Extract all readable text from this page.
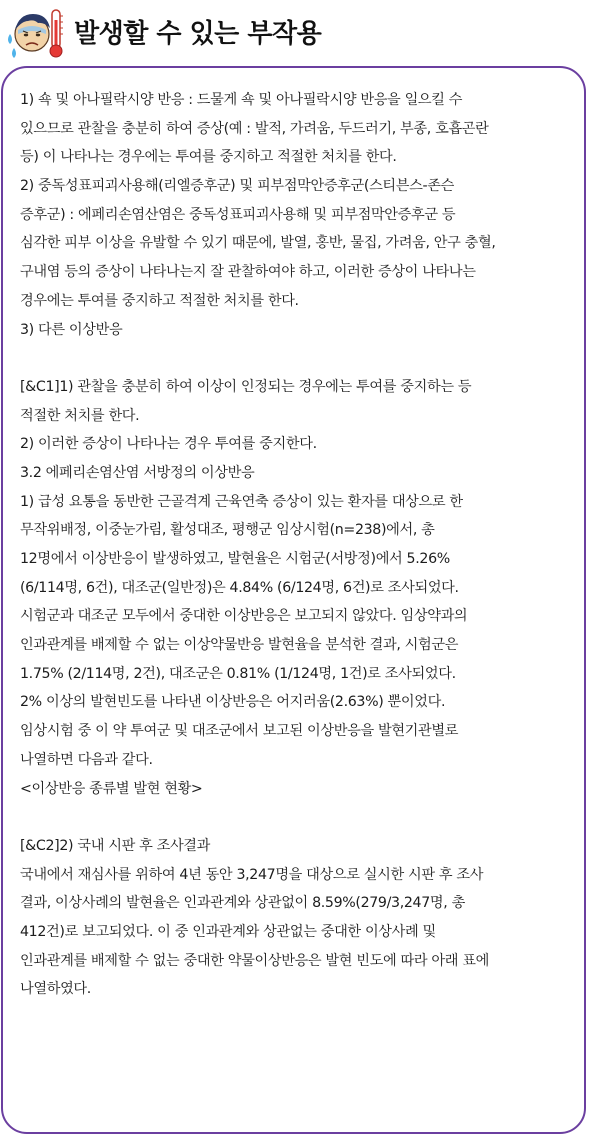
발생할 수 있는 부작용
1) 쇽 및 아나필락시양 반응 : 드물게 쇽 및 아나필락시양 반응을 일으킬 수
있으므로 관찰을 충분히 하여 증상(예 : 발적, 가려움, 두드러기, 부종, 호흡곤란
등) 이 나타나는 경우에는 투여를 중지하고 적절한 처치를 한다.
2) 중독성표피괴사용해(리엘증후군) 및 피부점막안증후군(스티븐스-존슨
증후군) : 에페리손염산염은 중독성표피괴사용해 및 피부점막안증후군 등
심각한 피부 이상을 유발할 수 있기 때문에, 발열, 홍반, 물집, 가려움, 안구 충혈,
구내염 등의 증상이 나타나는지 잘 관찰하여야 하고, 이러한 증상이 나타나는
경우에는 투여를 중지하고 적절한 처치를 한다.
3) 다른 이상반응
[&C1]1) 관찰을 충분히 하여 이상이 인정되는 경우에는 투여를 중지하는 등
적절한 처치를 한다.
2) 이러한 증상이 나타나는 경우 투여를 중지한다.
3.2 에페리손염산염 서방정의 이상반응
1) 급성 요통을 동반한 근골격계 근육연축 증상이 있는 환자를 대상으로 한
무작위배정, 이중눈가림, 활성대조, 평행군 임상시험(n=238)에서, 총
12명에서 이상반응이 발생하였고, 발현율은 시험군(서방정)에서 5.26%
(6/114명, 6건), 대조군(일반정)은 4.84% (6/124명, 6건)로 조사되었다.
시험군과 대조군 모두에서 중대한 이상반응은 보고되지 않았다. 임상약과의
인과관계를 배제할 수 없는 이상약물반응 발현율을 분석한 결과, 시험군은
1.75% (2/114명, 2건), 대조군은 0.81% (1/124명, 1건)로 조사되었다.
2% 이상의 발현빈도를 나타낸 이상반응은 어지러움(2.63%) 뿐이었다.
임상시험 중 이 약 투여군 및 대조군에서 보고된 이상반응을 발현기관별로
나열하면 다음과 같다.
<이상반응 종류별 발현 현황>
[&C2]2) 국내 시판 후 조사결과
국내에서 재심사를 위하여 4년 동안 3,247명을 대상으로 실시한 시판 후 조사
결과, 이상사례의 발현율은 인과관계와 상관없이 8.59%(279/3,247명, 총
412건)로 보고되었다. 이 중 인과관계와 상관없는 중대한 이상사례 및
인과관계를 배제할 수 없는 중대한 약물이상반응은 발현 빈도에 따라 아래 표에
나열하였다.
